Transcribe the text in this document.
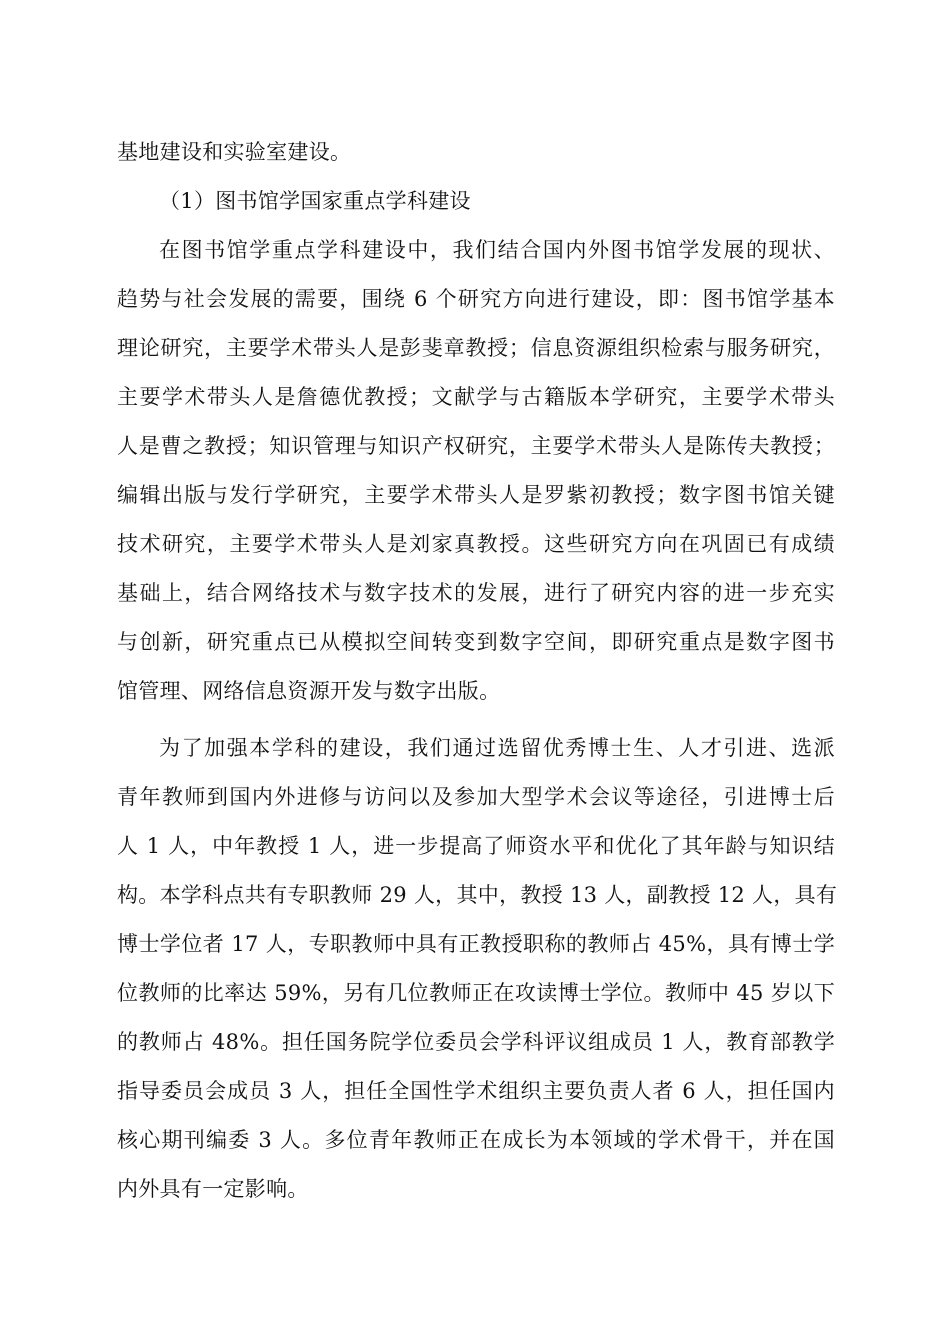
基地建设和实验室建设。
（1）图书馆学国家重点学科建设
在图书馆学重点学科建设中，我们结合国内外图书馆学发展的现状、
趋势与社会发展的需要，围绕 6 个研究方向进行建设，即：图书馆学基本
理论研究，主要学术带头人是彭斐章教授；信息资源组织检索与服务研究，
主要学术带头人是詹德优教授；文献学与古籍版本学研究，主要学术带头
人是曹之教授；知识管理与知识产权研究，主要学术带头人是陈传夫教授；
编辑出版与发行学研究，主要学术带头人是罗紫初教授；数字图书馆关键
技术研究，主要学术带头人是刘家真教授。这些研究方向在巩固已有成绩
基础上，结合网络技术与数字技术的发展，进行了研究内容的进一步充实
与创新，研究重点已从模拟空间转变到数字空间，即研究重点是数字图书
馆管理、网络信息资源开发与数字出版。
为了加强本学科的建设，我们通过选留优秀博士生、人才引进、选派
青年教师到国内外进修与访问以及参加大型学术会议等途径，引进博士后
人 1 人，中年教授 1 人，进一步提高了师资水平和优化了其年龄与知识结
构。本学科点共有专职教师 29 人，其中，教授 13 人，副教授 12 人，具有
博士学位者 17 人，专职教师中具有正教授职称的教师占 45%，具有博士学
位教师的比率达 59%，另有几位教师正在攻读博士学位。教师中 45 岁以下
的教师占 48%。担任国务院学位委员会学科评议组成员 1 人，教育部教学
指导委员会成员 3 人，担任全国性学术组织主要负责人者 6 人，担任国内
核心期刊编委 3 人。多位青年教师正在成长为本领域的学术骨干，并在国
内外具有一定影响。
